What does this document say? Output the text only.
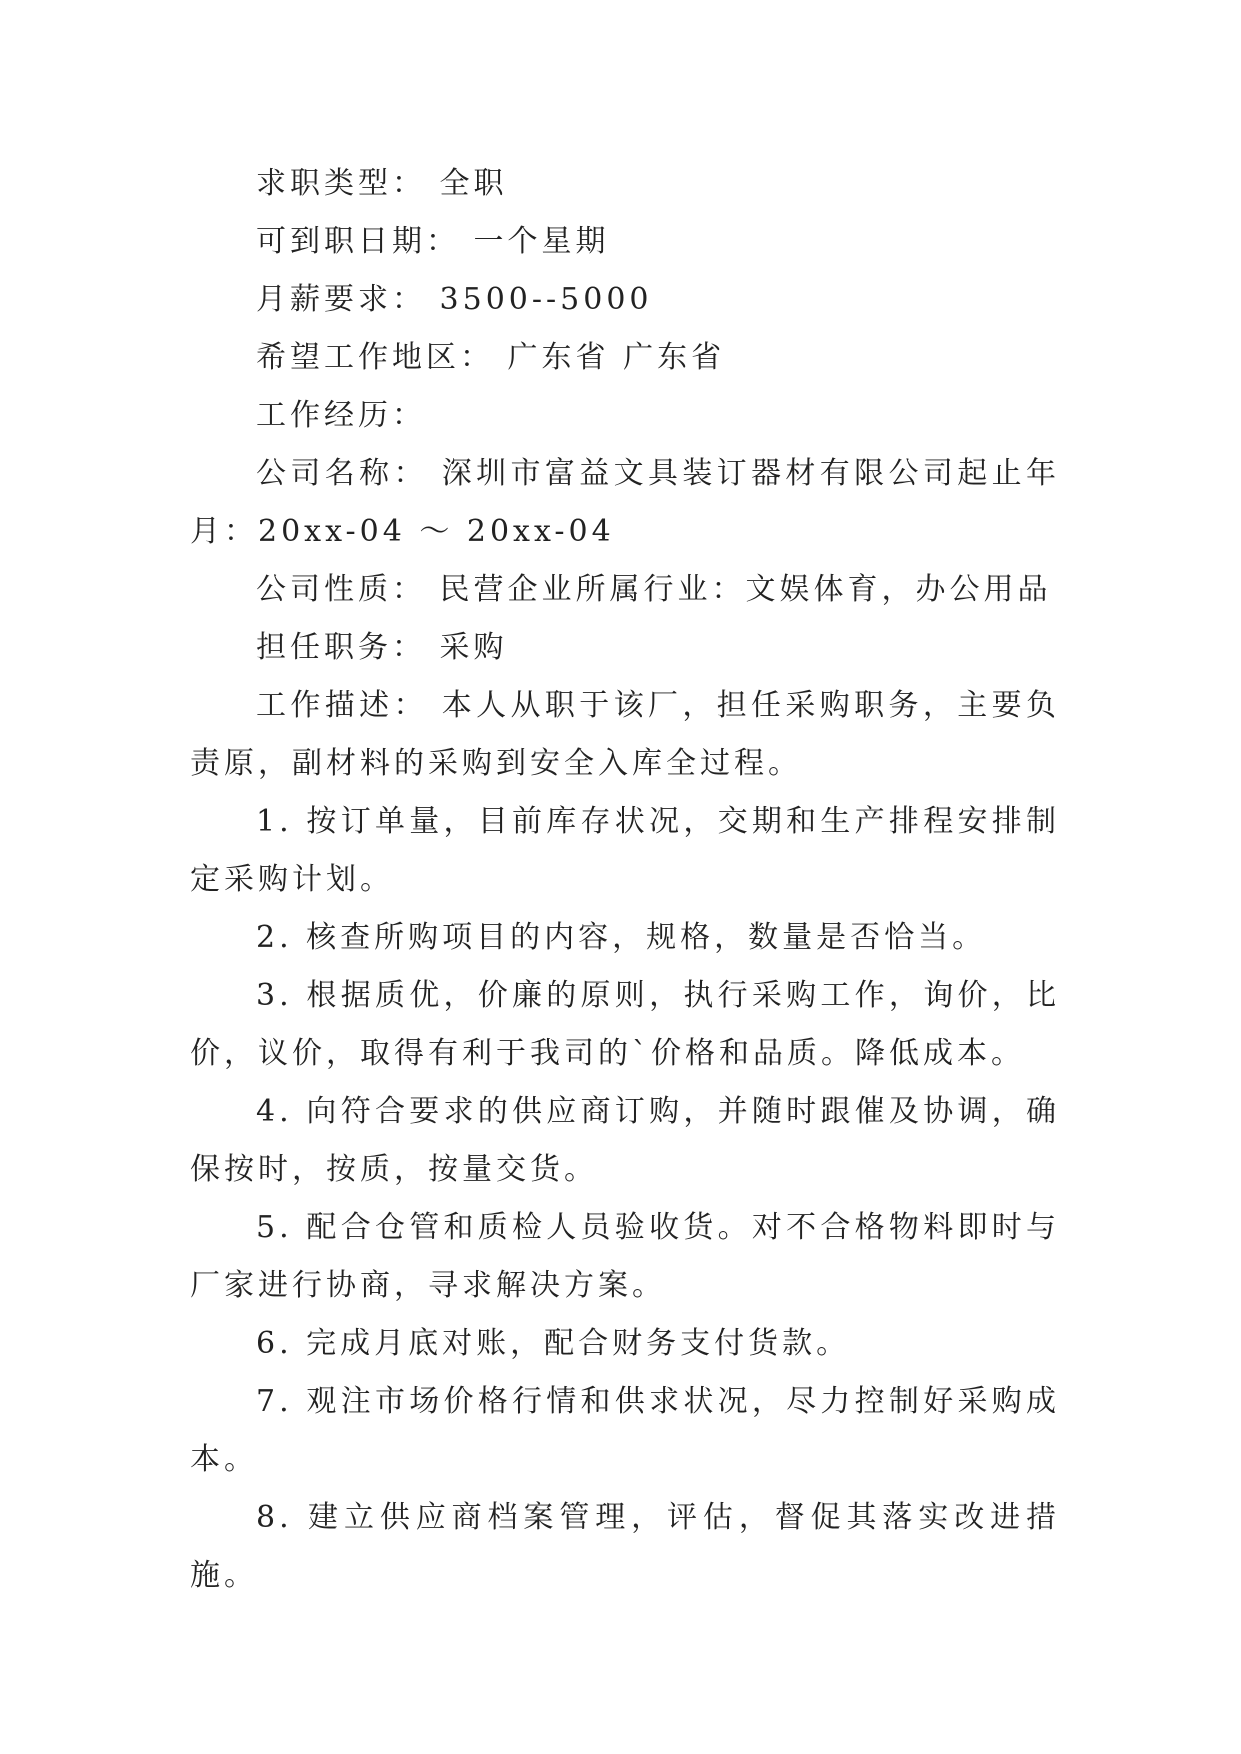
求职类型： 全职

可到职日期： 一个星期

月薪要求： 3500--5000

希望工作地区： 广东省 广东省

工作经历：

公司名称： 深圳市富益文具装订器材有限公司起止年月：20xx-04 ～ 20xx-04

公司性质： 民营企业所属行业：文娱体育，办公用品

担任职务： 采购

工作描述： 本人从职于该厂，担任采购职务，主要负责原，副材料的采购到安全入库全过程。

1. 按订单量，目前库存状况，交期和生产排程安排制定采购计划。

2. 核查所购项目的内容，规格，数量是否恰当。

3. 根据质优，价廉的原则，执行采购工作，询价，比价，议价，取得有利于我司的`价格和品质。降低成本。

4. 向符合要求的供应商订购，并随时跟催及协调，确保按时，按质，按量交货。

5. 配合仓管和质检人员验收货。对不合格物料即时与厂家进行协商，寻求解决方案。

6. 完成月底对账，配合财务支付货款。

7. 观注市场价格行情和供求状况，尽力控制好采购成本。

8. 建立供应商档案管理，评估，督促其落实改进措施。
